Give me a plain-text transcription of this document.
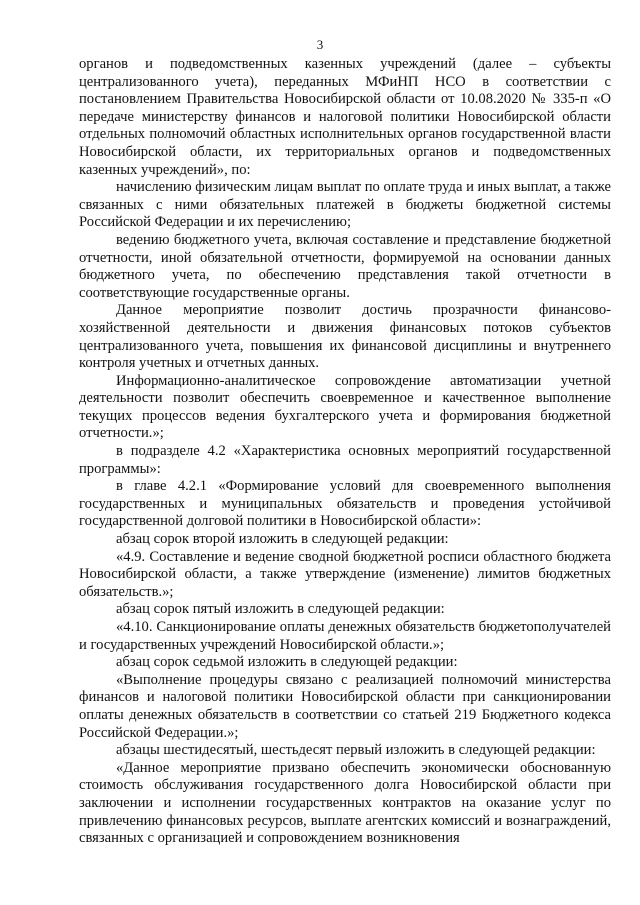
3

органов и подведомственных казенных учреждений (далее – субъекты централизованного учета), переданных МФиНП НСО в соответствии с постановлением Правительства Новосибирской области от 10.08.2020 № 335-п «О передаче министерству финансов и налоговой политики Новосибирской области отдельных полномочий областных исполнительных органов государственной власти Новосибирской области, их территориальных органов и подведомственных казенных учреждений», по:

начислению физическим лицам выплат по оплате труда и иных выплат, а также связанных с ними обязательных платежей в бюджеты бюджетной системы Российской Федерации и их перечислению;

ведению бюджетного учета, включая составление и представление бюджетной отчетности, иной обязательной отчетности, формируемой на основании данных бюджетного учета, по обеспечению представления такой отчетности в соответствующие государственные органы.

Данное мероприятие позволит достичь прозрачности финансово-хозяйственной деятельности и движения финансовых потоков субъектов централизованного учета, повышения их финансовой дисциплины и внутреннего контроля учетных и отчетных данных.

Информационно-аналитическое сопровождение автоматизации учетной деятельности позволит обеспечить своевременное и качественное выполнение текущих процессов ведения бухгалтерского учета и формирования бюджетной отчетности.»;

в подразделе 4.2 «Характеристика основных мероприятий государственной программы»:

в главе 4.2.1 «Формирование условий для своевременного выполнения государственных и муниципальных обязательств и проведения устойчивой государственной долговой политики в Новосибирской области»:

абзац сорок второй изложить в следующей редакции:

«4.9. Составление и ведение сводной бюджетной росписи областного бюджета Новосибирской области, а также утверждение (изменение) лимитов бюджетных обязательств.»;

абзац сорок пятый изложить в следующей редакции:

«4.10. Санкционирование оплаты денежных обязательств бюджетополучателей и государственных учреждений Новосибирской области.»;

абзац сорок седьмой изложить в следующей редакции:

«Выполнение процедуры связано с реализацией полномочий министерства финансов и налоговой политики Новосибирской области при санкционировании оплаты денежных обязательств в соответствии со статьей 219 Бюджетного кодекса Российской Федерации.»;

абзацы шестидесятый, шестьдесят первый изложить в следующей редакции:

«Данное мероприятие призвано обеспечить экономически обоснованную стоимость обслуживания государственного долга Новосибирской области при заключении и исполнении государственных контрактов на оказание услуг по привлечению финансовых ресурсов, выплате агентских комиссий и вознаграждений, связанных с организацией и сопровождением возникновения
